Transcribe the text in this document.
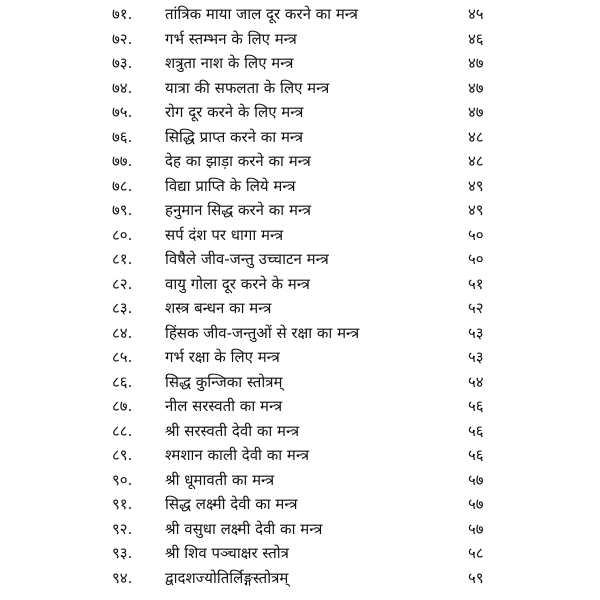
७१. तांत्रिक माया जाल दूर करने का मन्त्र	४५
७२. गर्भ स्तम्भन के लिए मन्त्र	४६
७३. शत्रुता नाश के लिए मन्त्र	४७
७४. यात्रा की सफलता के लिए मन्त्र	४७
७५. रोग दूर करने के लिए मन्त्र	४७
७६. सिद्धि प्राप्त करने का मन्त्र	४८
७७. देह का झाड़ा करने का मन्त्र	४८
७८. विद्या प्राप्ति के लिये मन्त्र	४९
७९. हनुमान सिद्ध करने का मन्त्र	४९
८०. सर्प दंश पर धागा मन्त्र	५०
८१. विषैले जीव-जन्तु उच्चाटन मन्त्र	५०
८२. वायु गोला दूर करने के मन्त्र	५१
८३. शस्त्र बन्धन का मन्त्र	५२
८४. हिंसक जीव-जन्तुओं से रक्षा का मन्त्र	५३
८५. गर्भ रक्षा के लिए मन्त्र	५३
८६. सिद्ध कुन्जिका स्तोत्रम्	५४
८७. नील सरस्वती का मन्त्र	५६
८८. श्री सरस्वती देवी का मन्त्र	५६
८९. श्मशान काली देवी का मन्त्र	५६
९०. श्री धूमावती का मन्त्र	५७
९१. सिद्ध लक्ष्मी देवी का मन्त्र	५७
९२. श्री वसुधा लक्ष्मी देवी का मन्त्र	५७
९३. श्री शिव पञ्चाक्षर स्तोत्र	५८
९४. द्वादशज्योतिर्लिङ्गस्तोत्रम्	५९
